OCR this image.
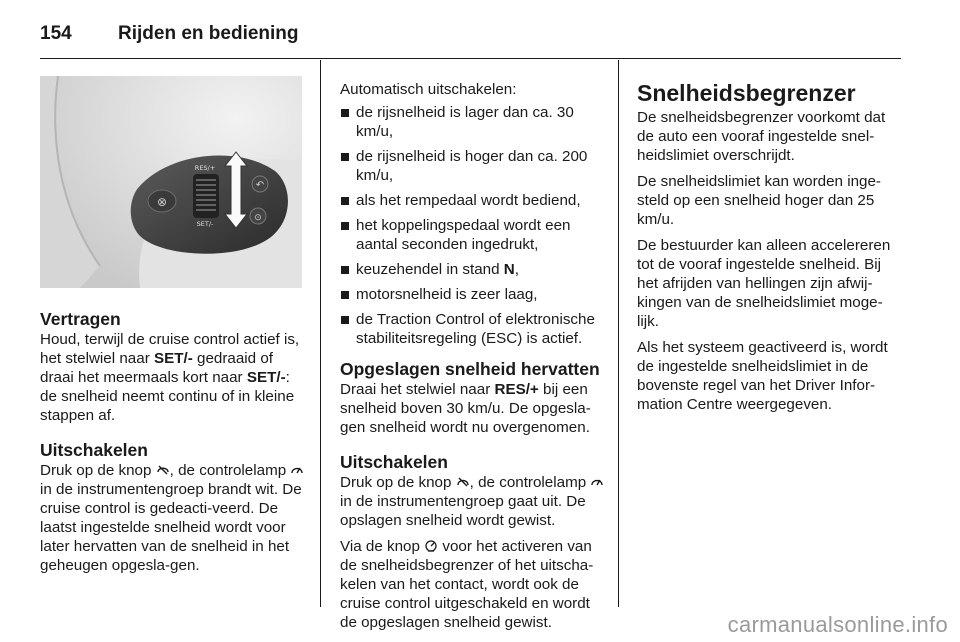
154	Rijden en bediening
⊗
RES/+
SET/-
↶
⊙
Vertragen

Houd, terwijl de cruise control actief is, het stelwiel naar SET/- gedraaid of draai het meermaals kort naar SET/-: de snelheid neemt continu of in kleine stappen af.

Uitschakelen

Druk op de knop , de controlelamp  in de instrumentengroep brandt wit. De cruise control is gedeacti-veerd. De laatst ingestelde snelheid wordt voor later hervatten van de snelheid in het geheugen opgesla-gen.

Automatisch uitschakelen:

de rijsnelheid is lager dan ca. 30 km/u,
de rijsnelheid is hoger dan ca. 200 km/u,
als het rempedaal wordt bediend,
het koppelingspedaal wordt een aantal seconden ingedrukt,
keuzehendel in stand N,
motorsnelheid is zeer laag,
de Traction Control of elektronische stabiliteitsregeling (ESC) is actief.
Opgeslagen snelheid hervatten

Draai het stelwiel naar RES/+ bij een snelheid boven 30 km/u. De opgesla-gen snelheid wordt nu overgenomen.

Uitschakelen

Druk op de knop , de controlelamp  in de instrumentengroep gaat uit. De opslagen snelheid wordt gewist.

Via de knop  voor het activeren van de snelheidsbegrenzer of het uitscha-kelen van het contact, wordt ook de cruise control uitgeschakeld en wordt de opgeslagen snelheid gewist.

Snelheidsbegrenzer

De snelheidsbegrenzer voorkomt dat de auto een vooraf ingestelde snel-heidslimiet overschrijdt.

De snelheidslimiet kan worden inge-steld op een snelheid hoger dan 25 km/u.

De bestuurder kan alleen accelereren tot de vooraf ingestelde snelheid. Bij het afrijden van hellingen zijn afwij-kingen van de snelheidslimiet moge-lijk.

Als het systeem geactiveerd is, wordt de ingestelde snelheidslimiet in de bovenste regel van het Driver Infor-mation Centre weergegeven.

carmanualsonline.info
